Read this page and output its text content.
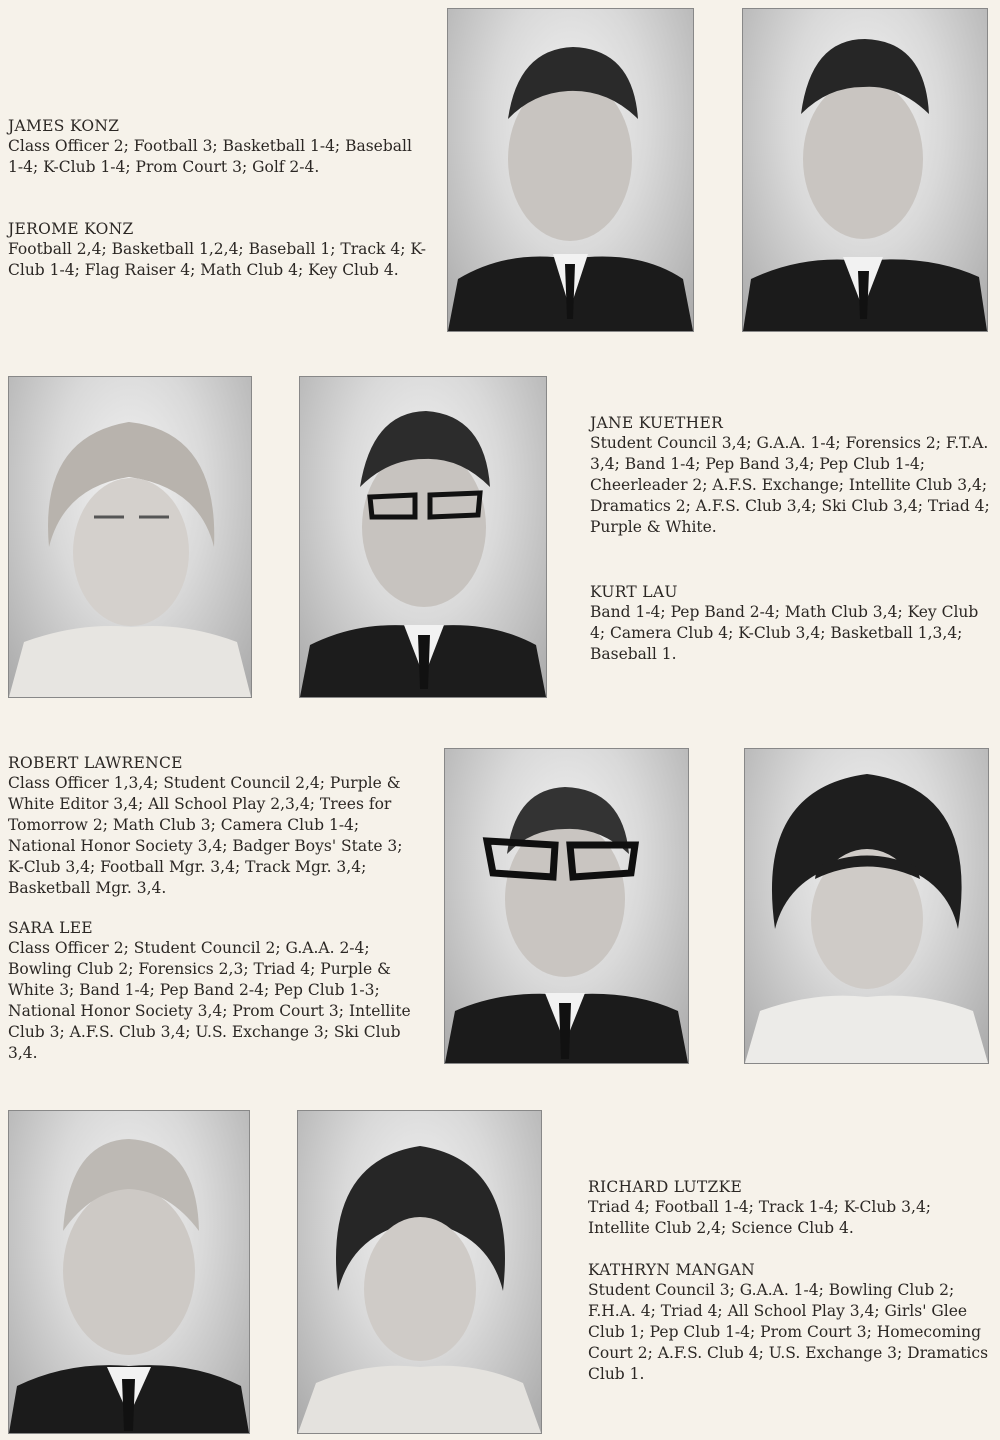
JAMES KONZ

Class Officer 2; Football 3; Basketball 1-4; Baseball 1-4; K-Club 1-4; Prom Court 3; Golf 2-4.

JEROME KONZ

Football 2,4; Basketball 1,2,4; Baseball 1; Track 4; K-Club 1-4; Flag Raiser 4; Math Club 4; Key Club 4.

JANE KUETHER

Student Council 3,4; G.A.A. 1-4; Forensics 2; F.T.A. 3,4; Band 1-4; Pep Band 3,4; Pep Club 1-4; Cheerleader 2; A.F.S. Exchange; Intellite Club 3,4; Dramatics 2; A.F.S. Club 3,4; Ski Club 3,4; Triad 4; Purple & White.

KURT LAU

Band 1-4; Pep Band 2-4; Math Club 3,4; Key Club 4; Camera Club 4; K-Club 3,4; Basketball 1,3,4; Baseball 1.

ROBERT LAWRENCE

Class Officer 1,3,4; Student Council 2,4; Purple & White Editor 3,4; All School Play 2,3,4; Trees for Tomorrow 2; Math Club 3; Camera Club 1-4; National Honor Society 3,4; Badger Boys' State 3; K-Club 3,4; Football Mgr. 3,4; Track Mgr. 3,4; Basketball Mgr. 3,4.

SARA LEE

Class Officer 2; Student Council 2; G.A.A. 2-4; Bowling Club 2; Forensics 2,3; Triad 4; Purple & White 3; Band 1-4; Pep Band 2-4; Pep Club 1-3; National Honor Society 3,4; Prom Court 3; Intellite Club 3; A.F.S. Club 3,4; U.S. Exchange 3; Ski Club 3,4.

RICHARD LUTZKE

Triad 4; Football 1-4; Track 1-4; K-Club 3,4; Intellite Club 2,4; Science Club 4.

KATHRYN MANGAN

Student Council 3; G.A.A. 1-4; Bowling Club 2; F.H.A. 4; Triad 4; All School Play 3,4; Girls' Glee Club 1; Pep Club 1-4; Prom Court 3; Homecoming Court 2; A.F.S. Club 4; U.S. Exchange 3; Dramatics Club 1.
